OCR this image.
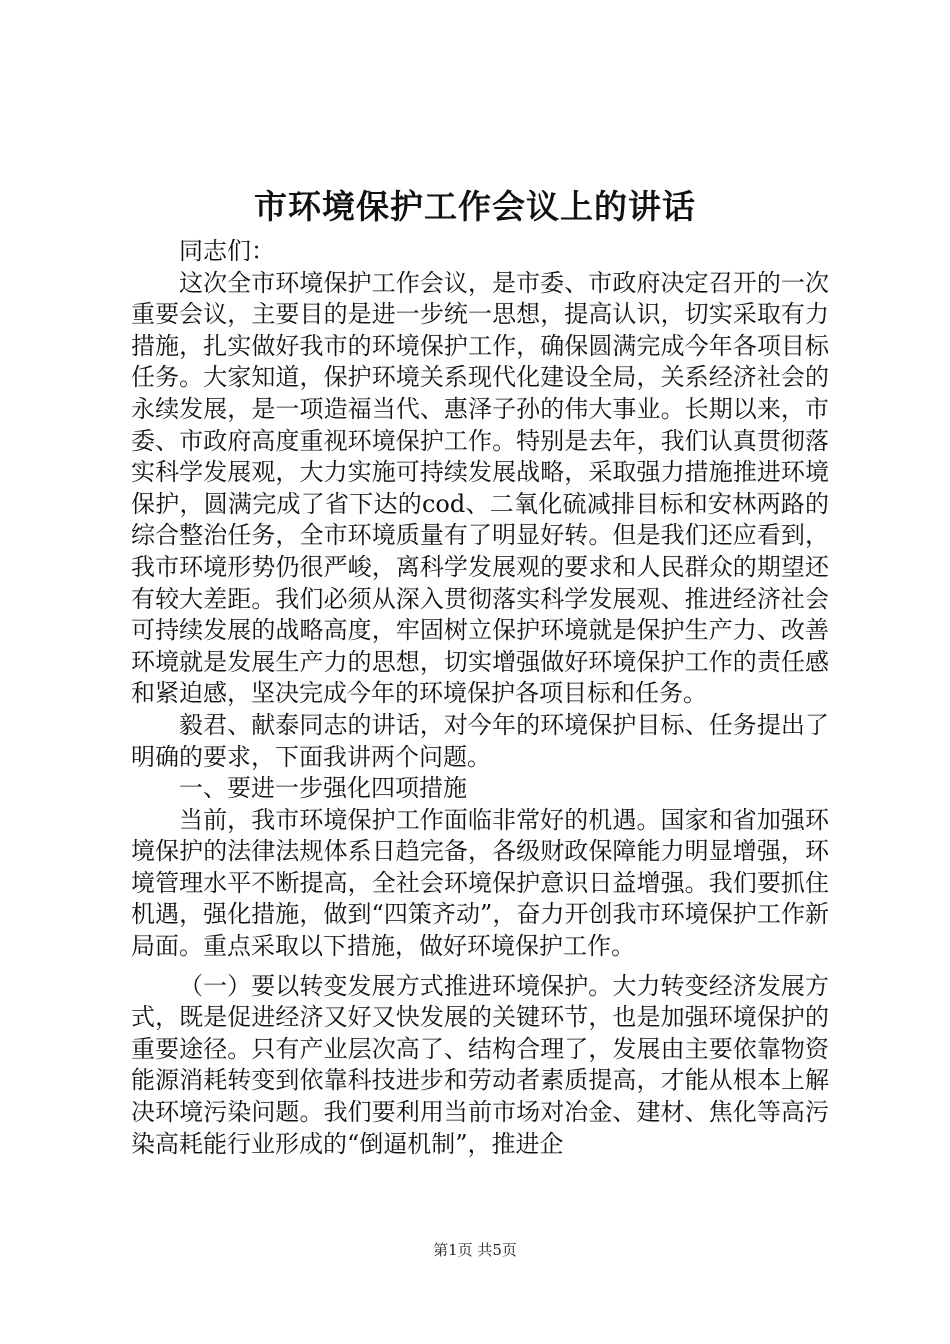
市环境保护工作会议上的讲话

同志们：

这次全市环境保护工作会议，是市委、市政府决定召开的一次重要会议，主要目的是进一步统一思想，提高认识，切实采取有力措施，扎实做好我市的环境保护工作，确保圆满完成今年各项目标任务。大家知道，保护环境关系现代化建设全局，关系经济社会的永续发展，是一项造福当代、惠泽子孙的伟大事业。长期以来，市委、市政府高度重视环境保护工作。特别是去年，我们认真贯彻落实科学发展观，大力实施可持续发展战略，采取强力措施推进环境保护，圆满完成了省下达的cod、二氧化硫减排目标和安林两路的综合整治任务，全市环境质量有了明显好转。但是我们还应看到，我市环境形势仍很严峻，离科学发展观的要求和人民群众的期望还有较大差距。我们必须从深入贯彻落实科学发展观、推进经济社会可持续发展的战略高度，牢固树立保护环境就是保护生产力、改善环境就是发展生产力的思想，切实增强做好环境保护工作的责任感和紧迫感，坚决完成今年的环境保护各项目标和任务。

毅君、献泰同志的讲话，对今年的环境保护目标、任务提出了明确的要求，下面我讲两个问题。

一、要进一步强化四项措施

当前，我市环境保护工作面临非常好的机遇。国家和省加强环境保护的法律法规体系日趋完备，各级财政保障能力明显增强，环境管理水平不断提高，全社会环境保护意识日益增强。我们要抓住机遇，强化措施，做到“四策齐动”，奋力开创我市环境保护工作新局面。重点采取以下措施，做好环境保护工作。

（一）要以转变发展方式推进环境保护。大力转变经济发展方式，既是促进经济又好又快发展的关键环节，也是加强环境保护的重要途径。只有产业层次高了、结构合理了，发展由主要依靠物资能源消耗转变到依靠科技进步和劳动者素质提高，才能从根本上解决环境污染问题。我们要利用当前市场对冶金、建材、焦化等高污染高耗能行业形成的“倒逼机制”，推进企

第1页 共5页
